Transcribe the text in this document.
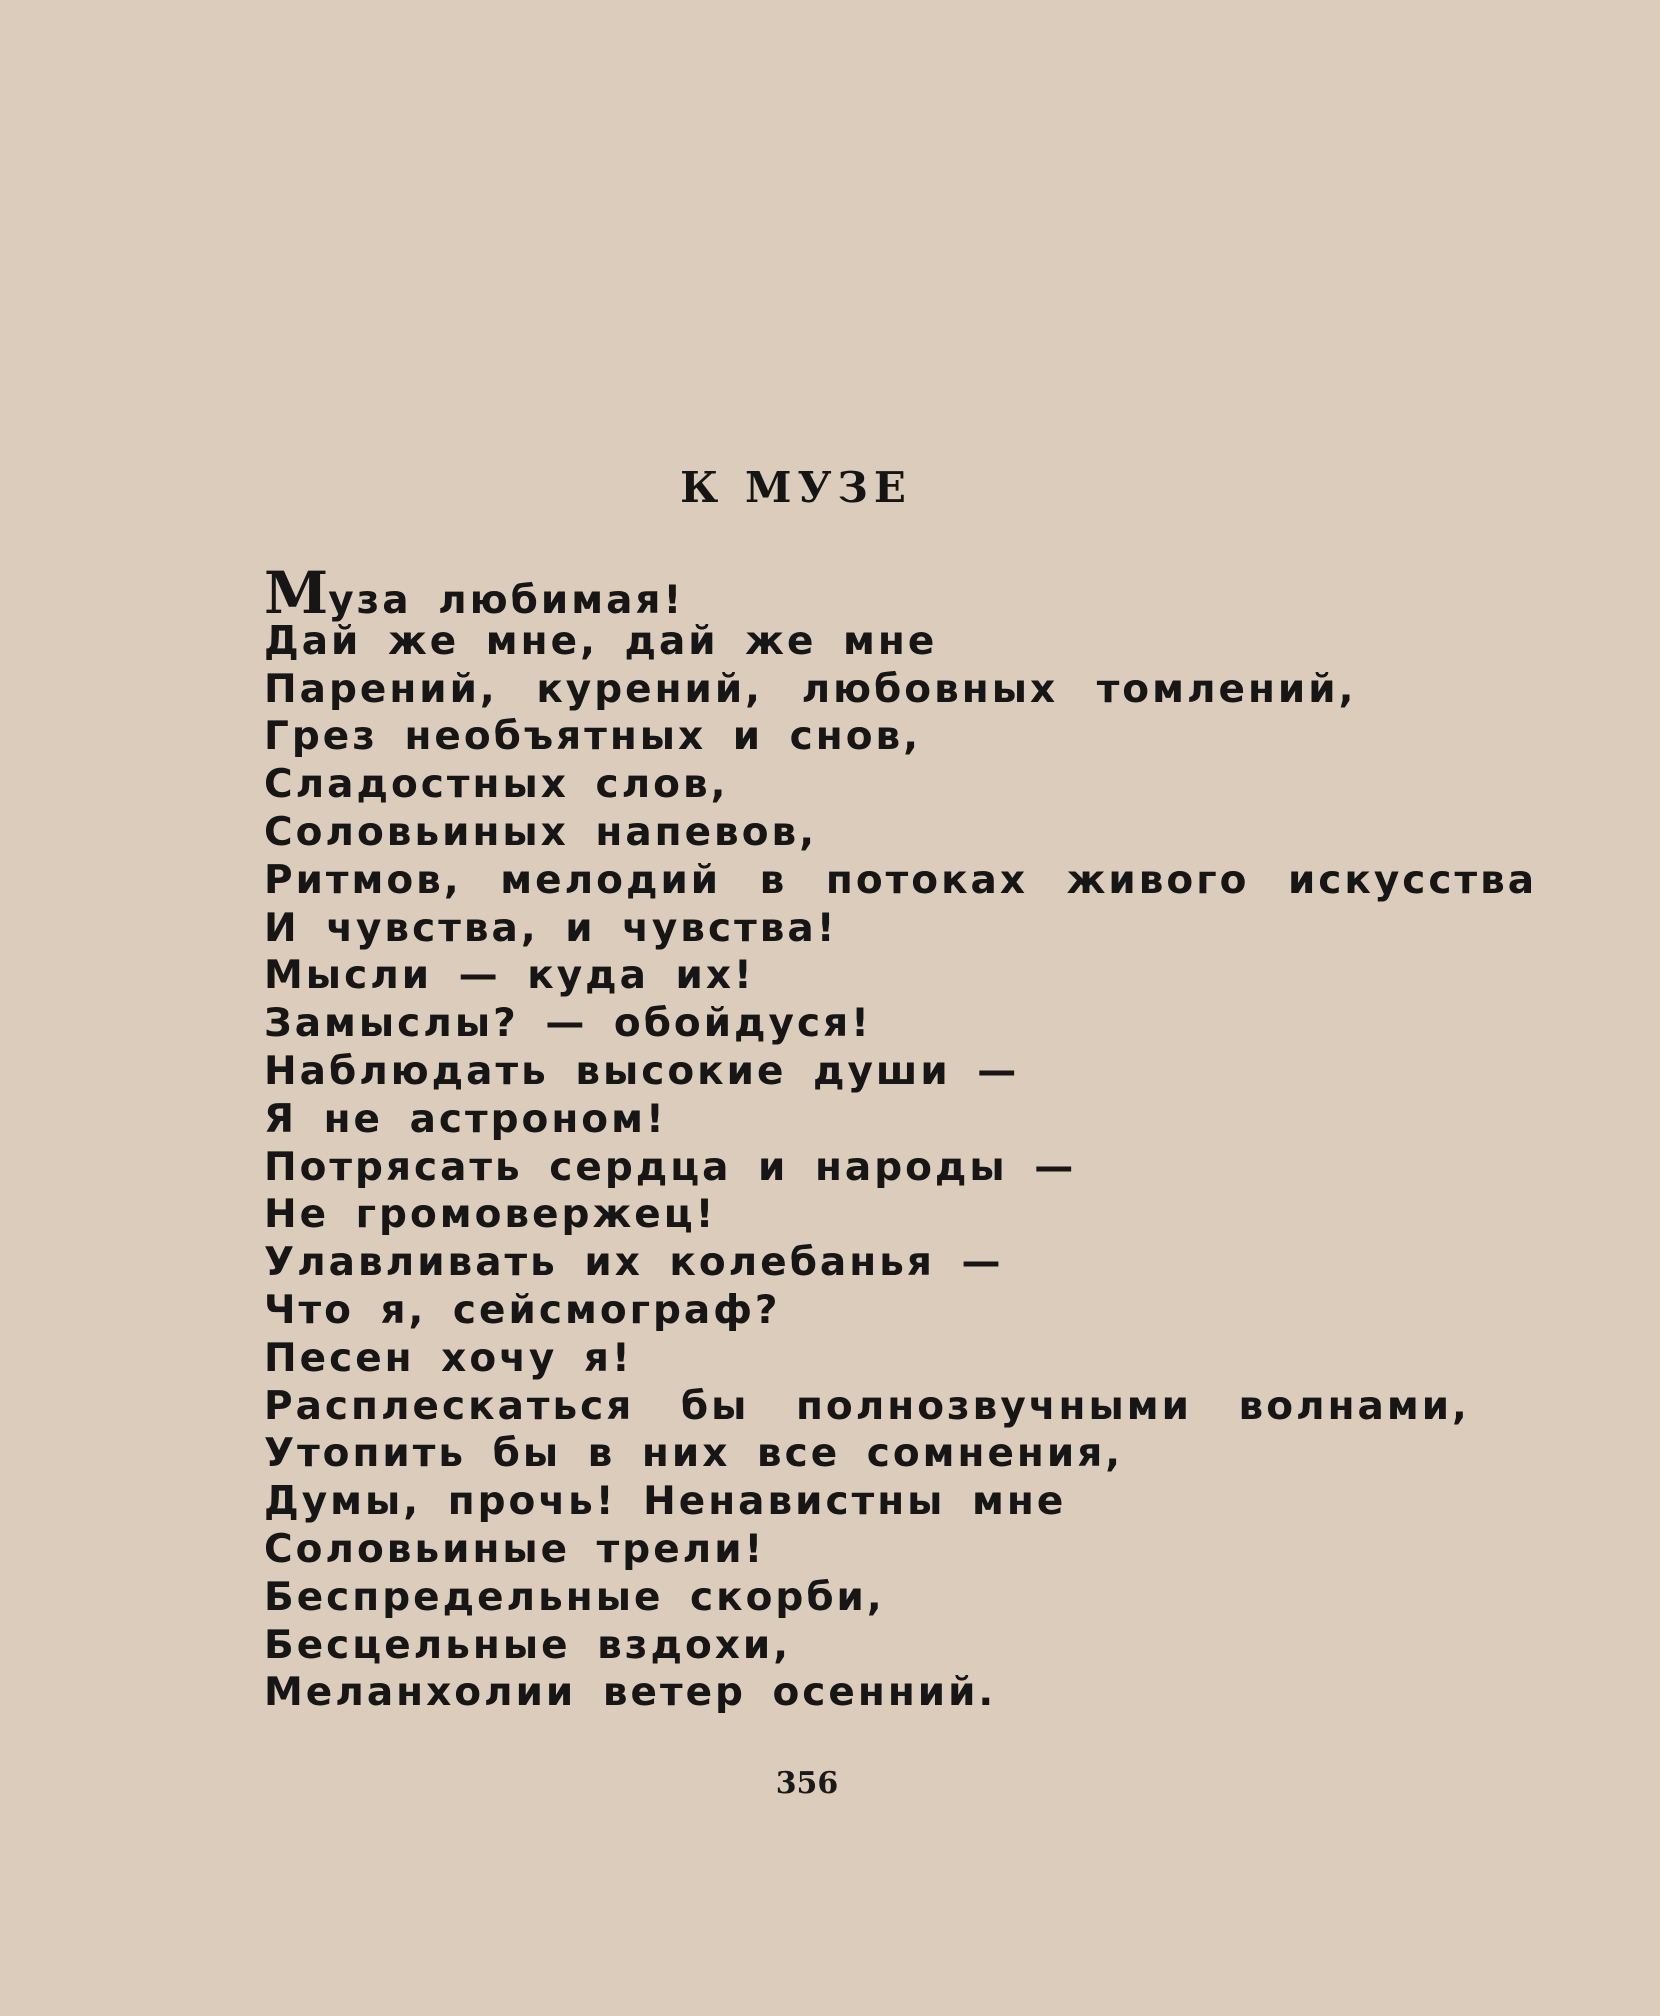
К МУЗЕ
Муза любимая!
Дай же мне, дай же мне
Парений, курений, любовных томлений,
Грез необъятных и снов,
Сладостных слов,
Соловьиных напевов,
Ритмов, мелодий в потоках живого искусства
И чувства, и чувства!
Мысли — куда их!
Замыслы? — обойдуся!
Наблюдать высокие души —
Я не астроном!
Потрясать сердца и народы —
Не громовержец!
Улавливать их колебанья —
Что я, сейсмограф?
Песен хочу я!
Расплескаться бы полнозвучными волнами,
Утопить бы в них все сомнения,
Думы, прочь! Ненавистны мне
Соловьиные трели!
Беспредельные скорби,
Бесцельные вздохи,
Меланхолии ветер осенний.
356
